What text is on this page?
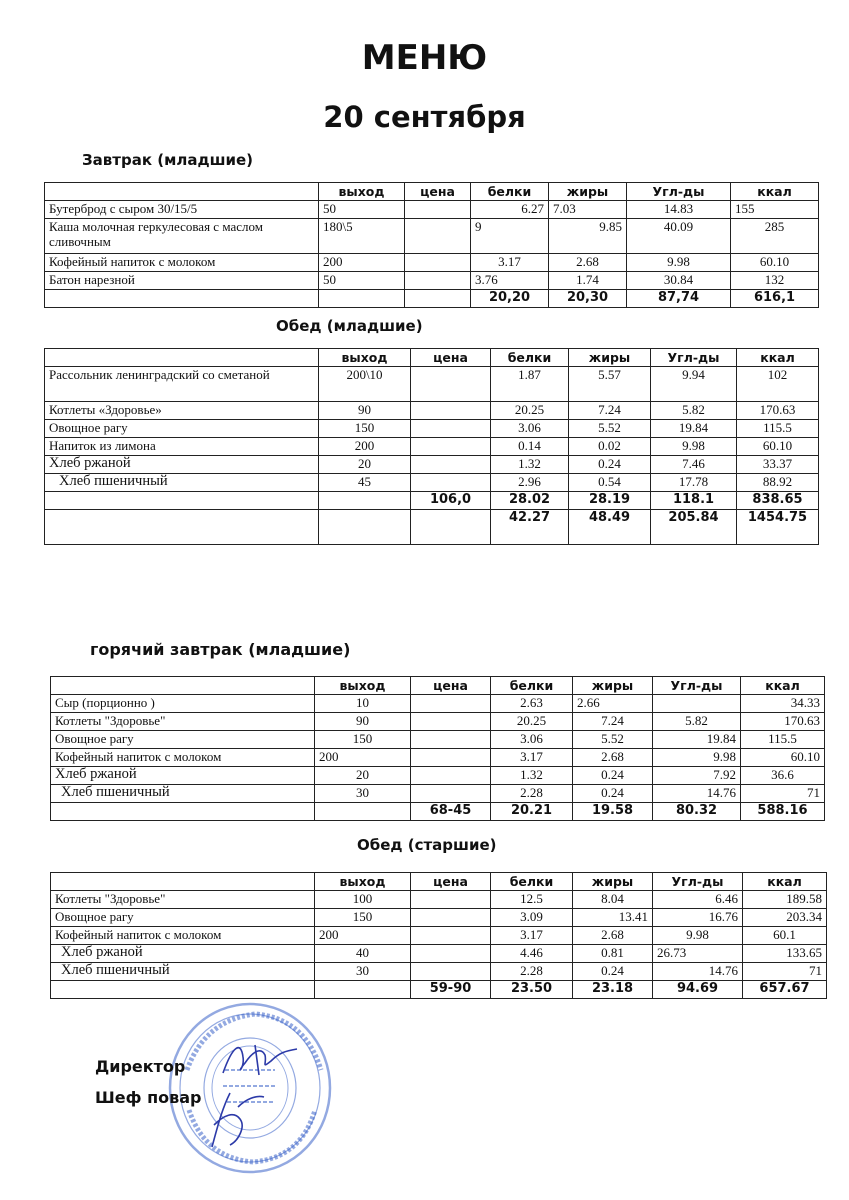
МЕНЮ
20 сентября
Завтрак (младшие)
	выход	цена	белки	жиры	Угл-ды	ккал
Бутерброд с сыром 30/15/5	50		6.27	7.03	14.83	155
Каша молочная геркулесовая с маслом сливочным	180\5		9	9.85	40.09	285
Кофейный напиток с молоком	200		3.17	2.68	9.98	60.10
Батон нарезной	50		3.76	1.74	30.84	132
			20,20	20,30	87,74	616,1
Обед (младшие)
	выход	цена	белки	жиры	Угл-ды	ккал
Рассольник ленинградский со сметаной	200\10		1.87	5.57	9.94	102
Котлеты «Здоровье»	90		20.25	7.24	5.82	170.63
Овощное рагу	150		3.06	5.52	19.84	115.5
Напиток из лимона	200		0.14	0.02	9.98	60.10
Хлеб ржаной	20		1.32	0.24	7.46	33.37
Хлеб пшеничный	45		2.96	0.54	17.78	88.92
		106,0	28.02	28.19	118.1	838.65
			42.27	48.49	205.84	1454.75
горячий завтрак (младшие)
	выход	цена	белки	жиры	Угл-ды	ккал
Сыр (порционно )	10		2.63	2.66		34.33
Котлеты "Здоровье"	90		20.25	7.24	5.82	170.63
Овощное рагу	150		3.06	5.52	19.84	115.5
Кофейный напиток с молоком	200		3.17	2.68	9.98	60.10
Хлеб ржаной	20		1.32	0.24	7.92	36.6
Хлеб пшеничный	30		2.28	0.24	14.76	71
		68-45	20.21	19.58	80.32	588.16
Обед (старшие)
	выход	цена	белки	жиры	Угл-ды	ккал
Котлеты "Здоровье"	100		12.5	8.04	6.46	189.58
Овощное рагу	150		3.09	13.41	16.76	203.34
Кофейный напиток с молоком	200		3.17	2.68	9.98	60.1
Хлеб ржаной	40		4.46	0.81	26.73	133.65
Хлеб пшеничный	30		2.28	0.24	14.76	71
		59-90	23.50	23.18	94.69	657.67
Директор
Шеф повар
